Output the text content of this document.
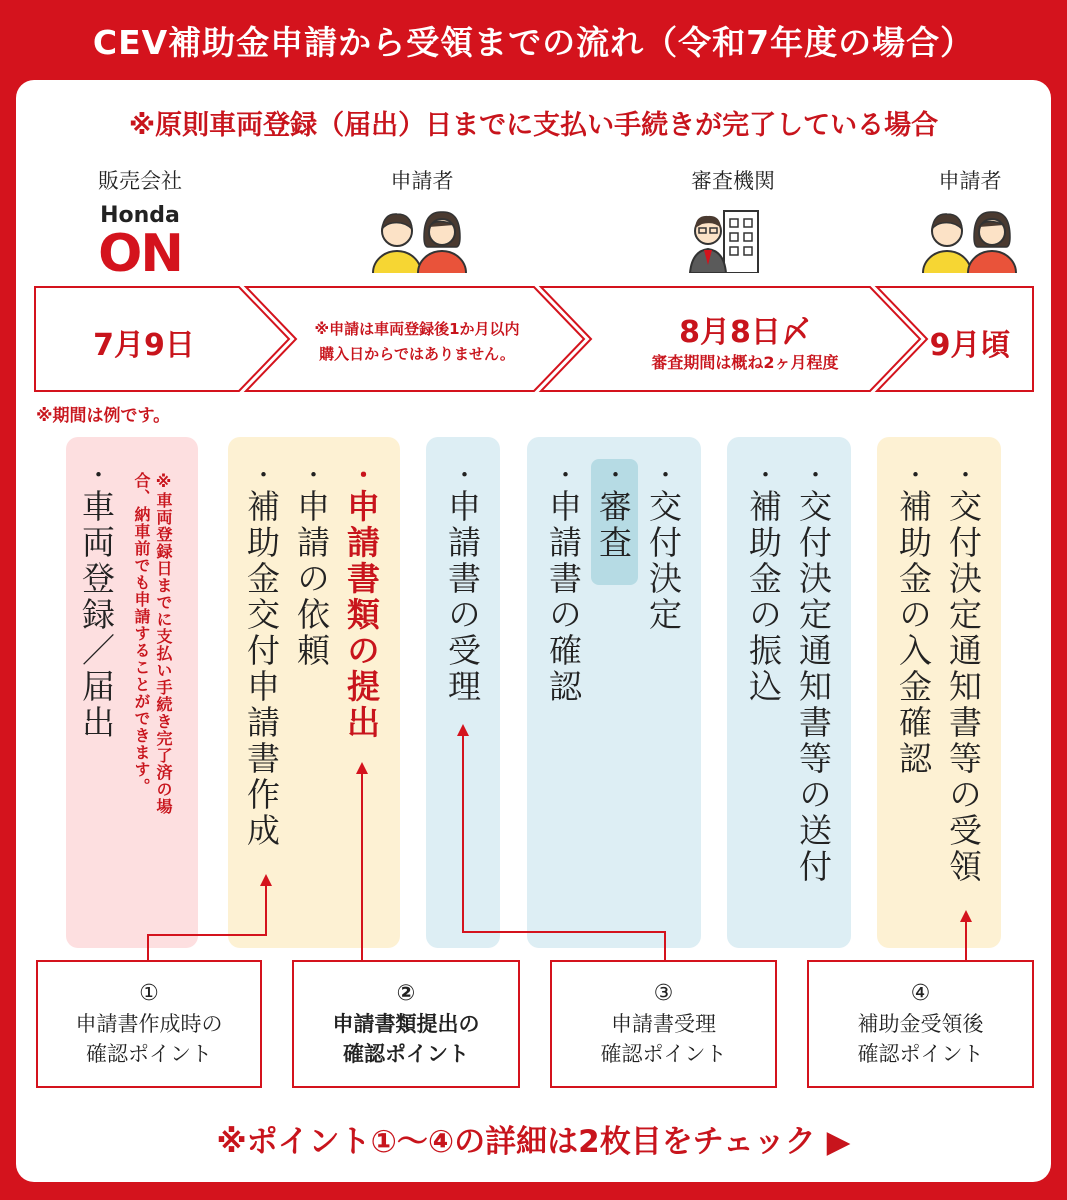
CEV補助金申請から受領までの流れ（令和7年度の場合）
※原則車両登録（届出）日までに支払い手続きが完了している場合
販売会社	申請者	審査機関	申請者
Honda
ON
7月9日	※申請は車両登録後1か月以内
購入日からではありません。
8月8日〆
審査期間は概ね2ヶ月程度	9月頃
※期間は例です。
・車両登録／届出	※車両登録日までに支払い手続き完了済の場合、納車前でも申請することができます。	・申請書類の提出
・申請の依頼
・補助金交付申請書作成
・申請書の受理
・交付決定
・審査
・申請書の確認
・交付決定通知書等の送付
・補助金の振込
・交付決定通知書等の受領
・補助金の入金確認
①
申請書作成時の
確認ポイント
②
申請書類提出の
確認ポイント
③
申請書受理
確認ポイント
④
補助金受領後
確認ポイント
※ポイント①〜④の詳細は2枚目をチェック ▶
